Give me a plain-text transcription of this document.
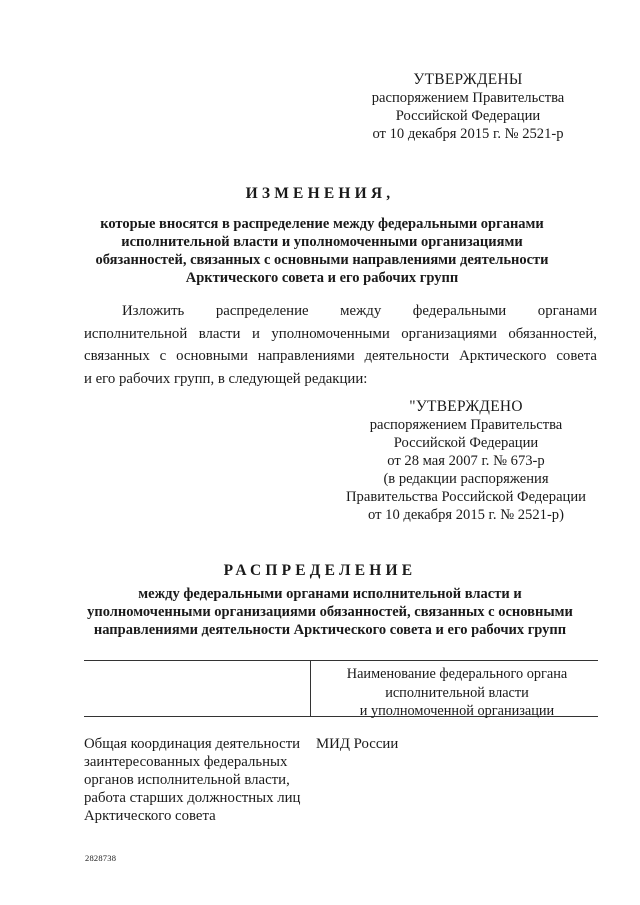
УТВЕРЖДЕНЫ
распоряжением Правительства
Российской Федерации
от 10 декабря 2015 г. № 2521-р
ИЗМЕНЕНИЯ,
которые вносятся в распределение между федеральными органами
исполнительной власти и уполномоченными организациями
обязанностей, связанных с основными направлениями деятельности
Арктического совета и его рабочих групп
Изложить распределение между федеральными органами
исполнительной власти и уполномоченными организациями обязанностей,
связанных с основными направлениями деятельности Арктического совета
и его рабочих групп, в следующей редакции:
"УТВЕРЖДЕНО
распоряжением Правительства
Российской Федерации
от 28 мая 2007 г. № 673-р
(в редакции распоряжения
Правительства Российской Федерации
от 10 декабря 2015 г. № 2521-р)
РАСПРЕДЕЛЕНИЕ
между федеральными органами исполнительной власти и
уполномоченными организациями обязанностей, связанных с основными
направлениями деятельности Арктического совета и его рабочих групп
Наименование федерального органа
исполнительной власти
и уполномоченной организации
Общая координация деятельности
заинтересованных федеральных
органов исполнительной власти,
работа старших должностных лиц
Арктического совета
МИД России
2828738
